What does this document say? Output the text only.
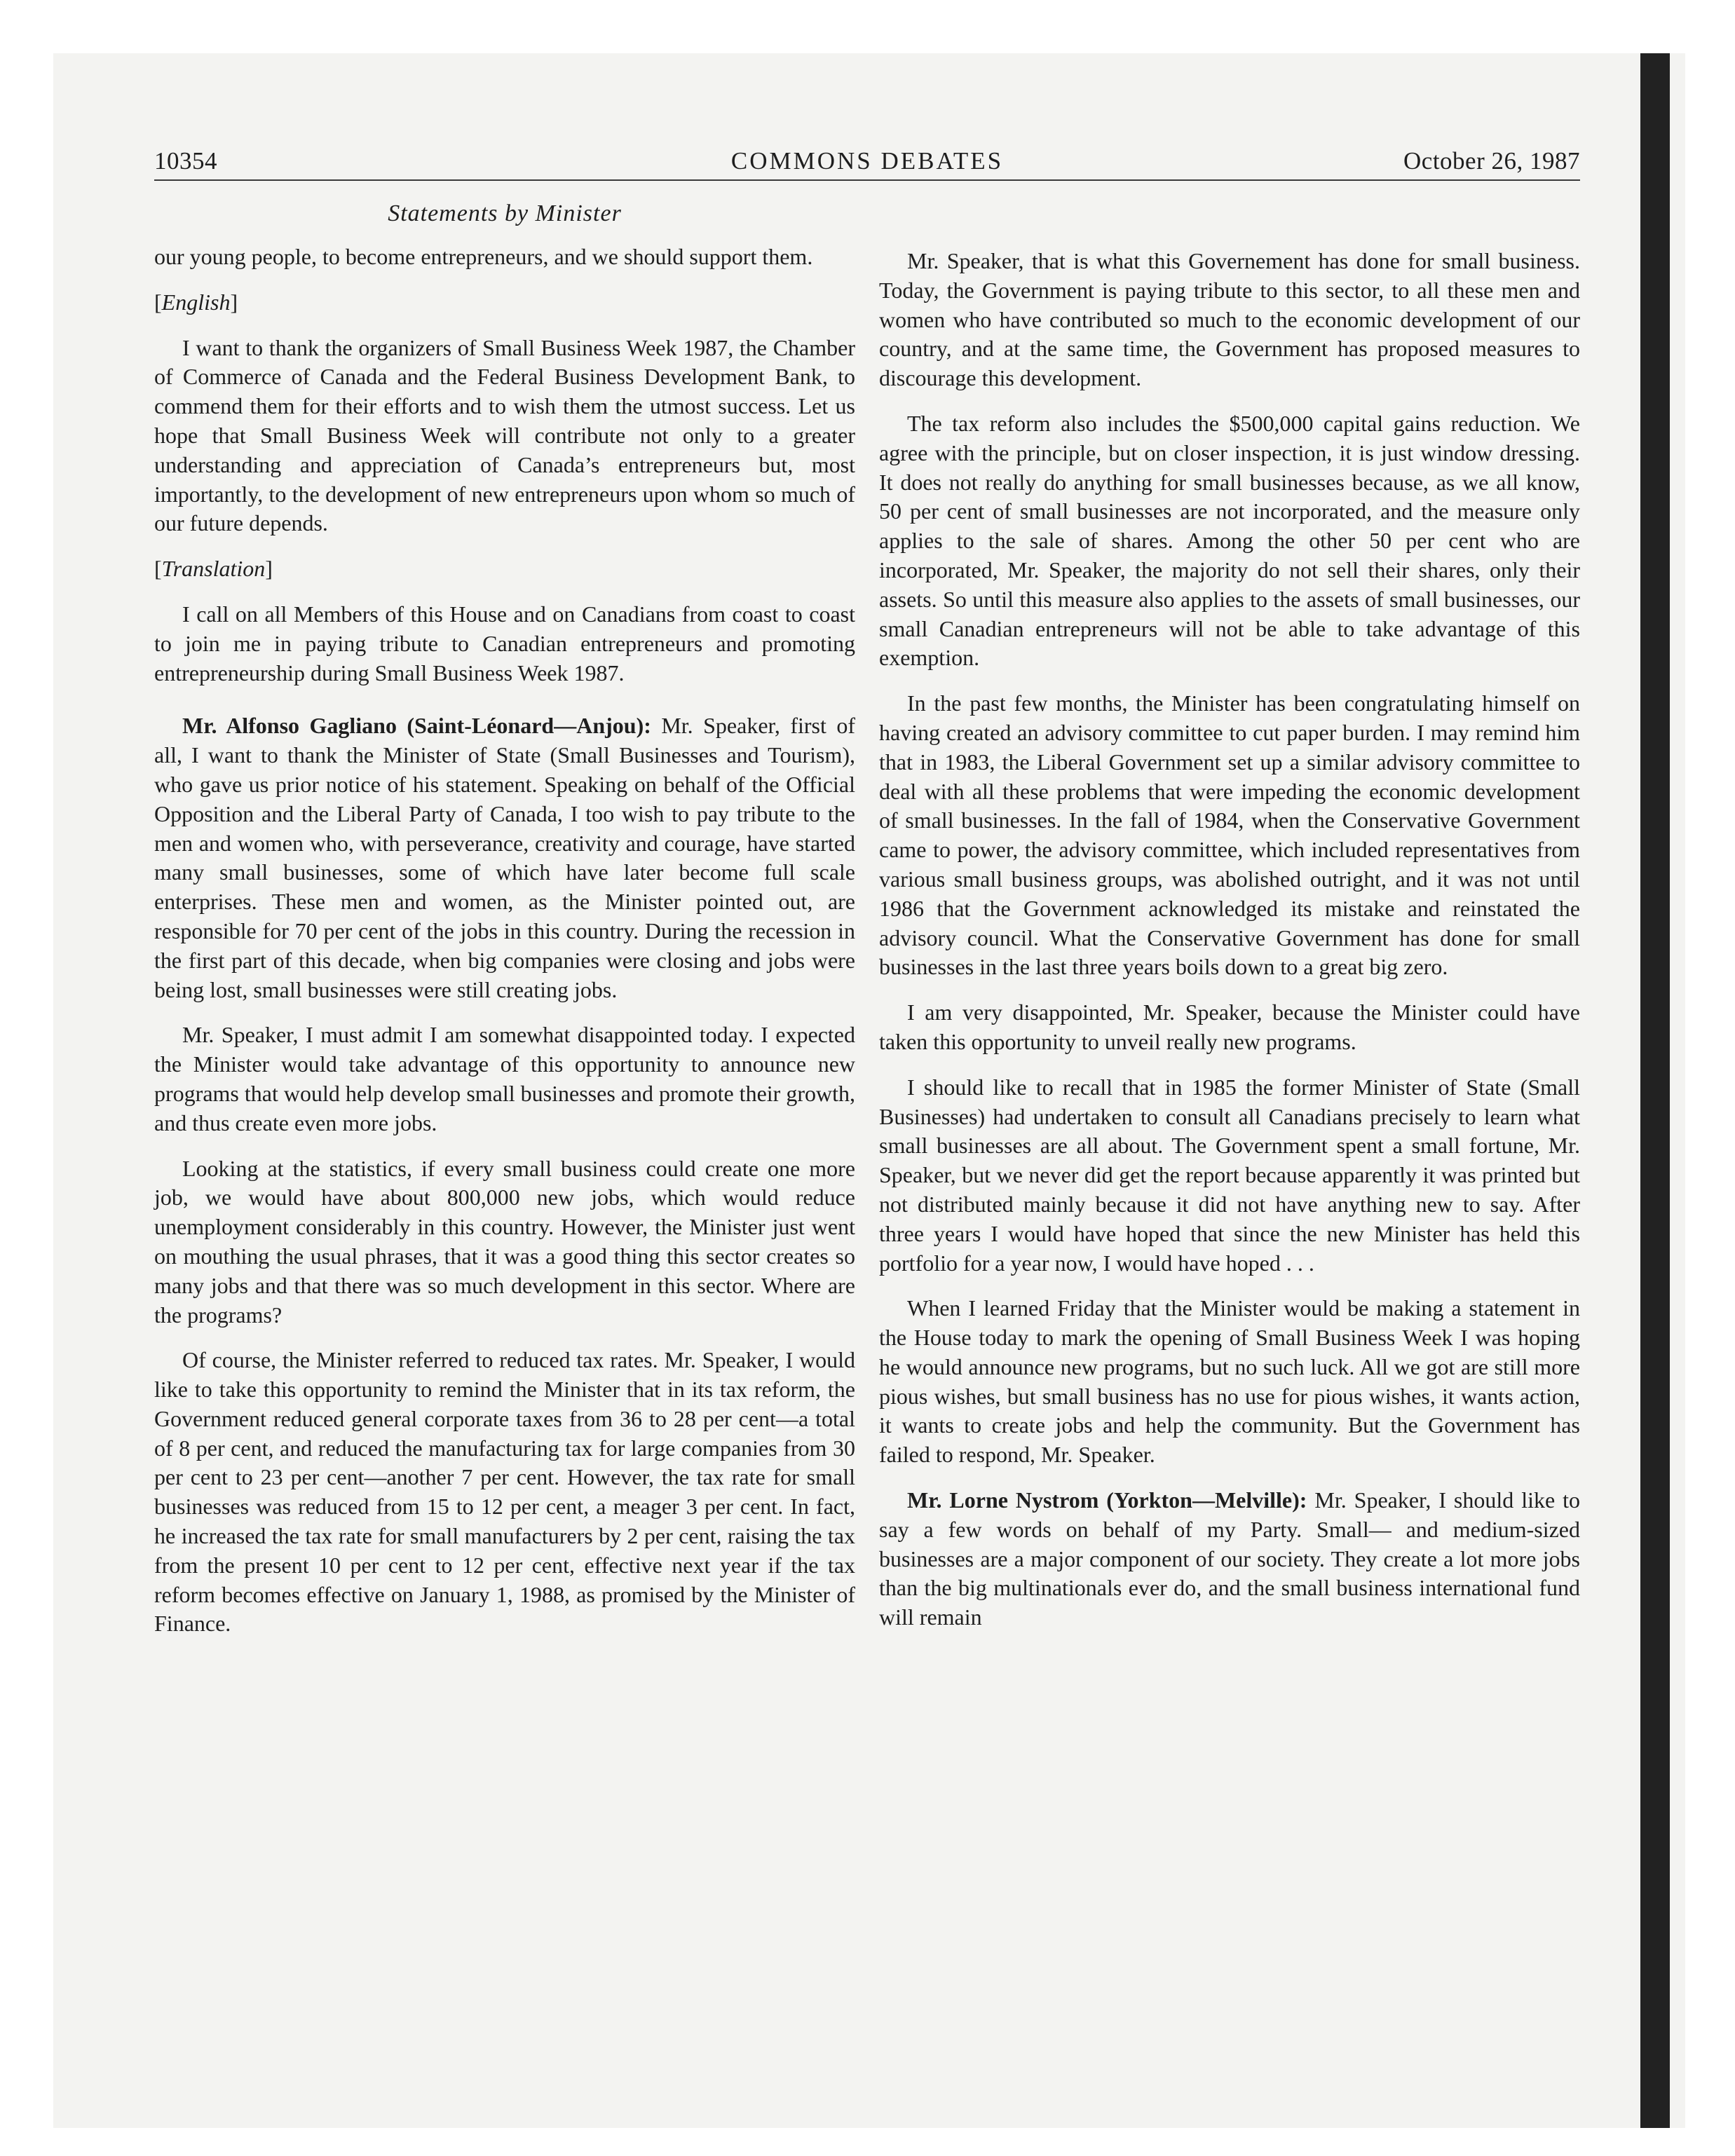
10354	COMMONS DEBATES	October 26, 1987
Statements by Minister

our young people, to become entrepreneurs, and we should support them.

[English]

I want to thank the organizers of Small Business Week 1987, the Chamber of Commerce of Canada and the Federal Business Development Bank, to commend them for their efforts and to wish them the utmost success. Let us hope that Small Business Week will contribute not only to a greater understanding and appreciation of Canada’s entrepreneurs but, most importantly, to the development of new entrepreneurs upon whom so much of our future depends.

[Translation]

I call on all Members of this House and on Canadians from coast to coast to join me in paying tribute to Canadian entrepreneurs and promoting entrepreneurship during Small Business Week 1987.

Mr. Alfonso Gagliano (Saint-Léonard—Anjou): Mr. Speaker, first of all, I want to thank the Minister of State (Small Businesses and Tourism), who gave us prior notice of his statement. Speaking on behalf of the Official Opposition and the Liberal Party of Canada, I too wish to pay tribute to the men and women who, with perseverance, creativity and courage, have started many small businesses, some of which have later become full scale enterprises. These men and women, as the Minister pointed out, are responsible for 70 per cent of the jobs in this country. During the recession in the first part of this decade, when big companies were closing and jobs were being lost, small businesses were still creating jobs.

Mr. Speaker, I must admit I am somewhat disappointed today. I expected the Minister would take advantage of this opportunity to announce new programs that would help develop small businesses and promote their growth, and thus create even more jobs.

Looking at the statistics, if every small business could create one more job, we would have about 800,000 new jobs, which would reduce unemployment considerably in this country. However, the Minister just went on mouthing the usual phrases, that it was a good thing this sector creates so many jobs and that there was so much development in this sector. Where are the programs?

Of course, the Minister referred to reduced tax rates. Mr. Speaker, I would like to take this opportunity to remind the Minister that in its tax reform, the Government reduced general corporate taxes from 36 to 28 per cent—a total of 8 per cent, and reduced the manufacturing tax for large companies from 30 per cent to 23 per cent—another 7 per cent. However, the tax rate for small businesses was reduced from 15 to 12 per cent, a meager 3 per cent. In fact, he increased the tax rate for small manufacturers by 2 per cent, raising the tax from the present 10 per cent to 12 per cent, effective next year if the tax reform becomes effective on January 1, 1988, as promised by the Minister of Finance.

Mr. Speaker, that is what this Governement has done for small business. Today, the Government is paying tribute to this sector, to all these men and women who have contributed so much to the economic development of our country, and at the same time, the Government has proposed measures to discourage this development.

The tax reform also includes the $500,000 capital gains reduction. We agree with the principle, but on closer inspection, it is just window dressing. It does not really do anything for small businesses because, as we all know, 50 per cent of small businesses are not incorporated, and the measure only applies to the sale of shares. Among the other 50 per cent who are incorporated, Mr. Speaker, the majority do not sell their shares, only their assets. So until this measure also applies to the assets of small businesses, our small Canadian entrepreneurs will not be able to take advantage of this exemption.

In the past few months, the Minister has been congratulating himself on having created an advisory committee to cut paper burden. I may remind him that in 1983, the Liberal Government set up a similar advisory committee to deal with all these problems that were impeding the economic development of small businesses. In the fall of 1984, when the Conservative Government came to power, the advisory committee, which included representatives from various small business groups, was abolished outright, and it was not until 1986 that the Government acknowledged its mistake and reinstated the advisory council. What the Conservative Government has done for small businesses in the last three years boils down to a great big zero.

I am very disappointed, Mr. Speaker, because the Minister could have taken this opportunity to unveil really new programs.

I should like to recall that in 1985 the former Minister of State (Small Businesses) had undertaken to consult all Canadians precisely to learn what small businesses are all about. The Government spent a small fortune, Mr. Speaker, but we never did get the report because apparently it was printed but not distributed mainly because it did not have anything new to say. After three years I would have hoped that since the new Minister has held this portfolio for a year now, I would have hoped . . .

When I learned Friday that the Minister would be making a statement in the House today to mark the opening of Small Business Week I was hoping he would announce new programs, but no such luck. All we got are still more pious wishes, but small business has no use for pious wishes, it wants action, it wants to create jobs and help the community. But the Government has failed to respond, Mr. Speaker.

Mr. Lorne Nystrom (Yorkton—Melville): Mr. Speaker, I should like to say a few words on behalf of my Party. Small— and medium-sized businesses are a major component of our society. They create a lot more jobs than the big multinationals ever do, and the small business international fund will remain
